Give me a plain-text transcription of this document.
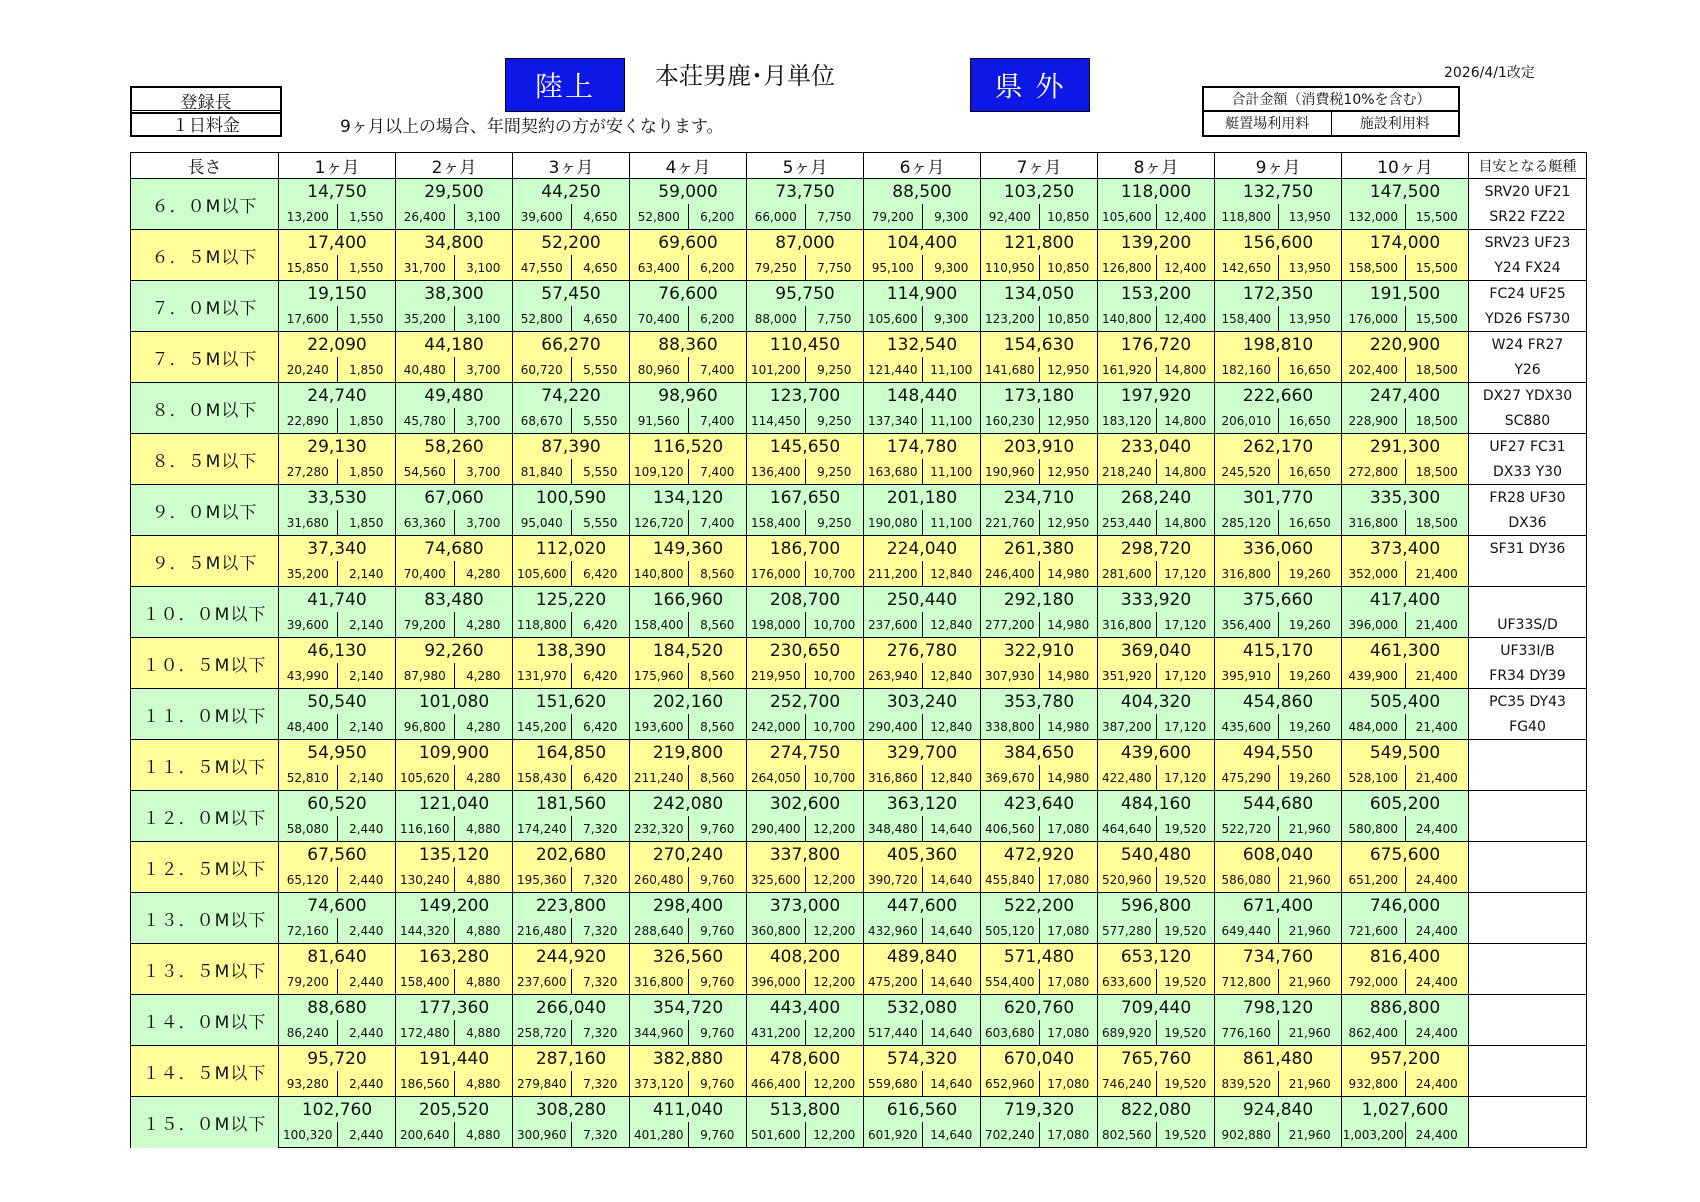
2026/4/1改定
本荘男鹿･月単位
陸上	県 外
登録長
１日料金	9ヶ月以上の場合、年間契約の方が安くなります。
合計金額（消費税10%を含む）
艇置場利用料	施設利用料
長さ	1ヶ月	2ヶ月	3ヶ月	4ヶ月	5ヶ月	6ヶ月	7ヶ月	8ヶ月	9ヶ月	10ヶ月	目安となる艇種
６．０M以下	14,750	29,500	44,250	59,000	73,750	88,500	103,250	118,000	132,750	147,500	SRV20 UF21

13,200 1,550	26,400 3,100	39,600 4,650	52,800 6,200	66,000 7,750	79,200 9,300	92,400 10,850	105,600 12,400	118,800 13,950	132,000 15,500	SR22 FZ22
６．５M以下	17,400	34,800	52,200	69,600	87,000	104,400	121,800	139,200	156,600	174,000	SRV23 UF23

15,850 1,550	31,700 3,100	47,550 4,650	63,400 6,200	79,250 7,750	95,100 9,300	110,950 10,850	126,800 12,400	142,650 13,950	158,500 15,500	Y24 FX24
７．０M以下	19,150	38,300	57,450	76,600	95,750	114,900	134,050	153,200	172,350	191,500	FC24 UF25

17,600 1,550	35,200 3,100	52,800 4,650	70,400 6,200	88,000 7,750	105,600 9,300	123,200 10,850	140,800 12,400	158,400 13,950	176,000 15,500	YD26 FS730
７．５M以下	22,090	44,180	66,270	88,360	110,450	132,540	154,630	176,720	198,810	220,900	W24 FR27

20,240 1,850	40,480 3,700	60,720 5,550	80,960 7,400	101,200 9,250	121,440 11,100	141,680 12,950	161,920 14,800	182,160 16,650	202,400 18,500	Y26
８．０M以下	24,740	49,480	74,220	98,960	123,700	148,440	173,180	197,920	222,660	247,400	DX27 YDX30

22,890 1,850	45,780 3,700	68,670 5,550	91,560 7,400	114,450 9,250	137,340 11,100	160,230 12,950	183,120 14,800	206,010 16,650	228,900 18,500	SC880
８．５M以下	29,130	58,260	87,390	116,520	145,650	174,780	203,910	233,040	262,170	291,300	UF27 FC31

27,280 1,850	54,560 3,700	81,840 5,550	109,120 7,400	136,400 9,250	163,680 11,100	190,960 12,950	218,240 14,800	245,520 16,650	272,800 18,500	DX33 Y30
９．０M以下	33,530	67,060	100,590	134,120	167,650	201,180	234,710	268,240	301,770	335,300	FR28 UF30

31,680 1,850	63,360 3,700	95,040 5,550	126,720 7,400	158,400 9,250	190,080 11,100	221,760 12,950	253,440 14,800	285,120 16,650	316,800 18,500	DX36
９．５M以下	37,340	74,680	112,020	149,360	186,700	224,040	261,380	298,720	336,060	373,400	SF31 DY36

35,200 2,140	70,400 4,280	105,600 6,420	140,800 8,560	176,000 10,700	211,200 12,840	246,400 14,980	281,600 17,120	316,800 19,260	352,000 21,400	

１０．０M以下	41,740	83,480	125,220	166,960	208,700	250,440	292,180	333,920	375,660	417,400	

39,600 2,140	79,200 4,280	118,800 6,420	158,400 8,560	198,000 10,700	237,600 12,840	277,200 14,980	316,800 17,120	356,400 19,260	396,000 21,400	UF33S/D
１０．５M以下	46,130	92,260	138,390	184,520	230,650	276,780	322,910	369,040	415,170	461,300	UF33I/B

43,990 2,140	87,980 4,280	131,970 6,420	175,960 8,560	219,950 10,700	263,940 12,840	307,930 14,980	351,920 17,120	395,910 19,260	439,900 21,400	FR34 DY39
１１．０M以下	50,540	101,080	151,620	202,160	252,700	303,240	353,780	404,320	454,860	505,400	PC35 DY43

48,400 2,140	96,800 4,280	145,200 6,420	193,600 8,560	242,000 10,700	290,400 12,840	338,800 14,980	387,200 17,120	435,600 19,260	484,000 21,400	FG40
１１．５M以下	54,950	109,900	164,850	219,800	274,750	329,700	384,650	439,600	494,550	549,500	

52,810 2,140	105,620 4,280	158,430 6,420	211,240 8,560	264,050 10,700	316,860 12,840	369,670 14,980	422,480 17,120	475,290 19,260	528,100 21,400	

１２．０M以下	60,520	121,040	181,560	242,080	302,600	363,120	423,640	484,160	544,680	605,200	

58,080 2,440	116,160 4,880	174,240 7,320	232,320 9,760	290,400 12,200	348,480 14,640	406,560 17,080	464,640 19,520	522,720 21,960	580,800 24,400	

１２．５M以下	67,560	135,120	202,680	270,240	337,800	405,360	472,920	540,480	608,040	675,600	

65,120 2,440	130,240 4,880	195,360 7,320	260,480 9,760	325,600 12,200	390,720 14,640	455,840 17,080	520,960 19,520	586,080 21,960	651,200 24,400	

１３．０M以下	74,600	149,200	223,800	298,400	373,000	447,600	522,200	596,800	671,400	746,000	

72,160 2,440	144,320 4,880	216,480 7,320	288,640 9,760	360,800 12,200	432,960 14,640	505,120 17,080	577,280 19,520	649,440 21,960	721,600 24,400	

１３．５M以下	81,640	163,280	244,920	326,560	408,200	489,840	571,480	653,120	734,760	816,400	

79,200 2,440	158,400 4,880	237,600 7,320	316,800 9,760	396,000 12,200	475,200 14,640	554,400 17,080	633,600 19,520	712,800 21,960	792,000 24,400	

１４．０M以下	88,680	177,360	266,040	354,720	443,400	532,080	620,760	709,440	798,120	886,800	

86,240 2,440	172,480 4,880	258,720 7,320	344,960 9,760	431,200 12,200	517,440 14,640	603,680 17,080	689,920 19,520	776,160 21,960	862,400 24,400	

１４．５M以下	95,720	191,440	287,160	382,880	478,600	574,320	670,040	765,760	861,480	957,200	

93,280 2,440	186,560 4,880	279,840 7,320	373,120 9,760	466,400 12,200	559,680 14,640	652,960 17,080	746,240 19,520	839,520 21,960	932,800 24,400	

１５．０M以下	102,760	205,520	308,280	411,040	513,800	616,560	719,320	822,080	924,840	1,027,600	

100,320 2,440	200,640 4,880	300,960 7,320	401,280 9,760	501,600 12,200	601,920 14,640	702,240 17,080	802,560 19,520	902,880 21,960	1,003,200 24,400	
